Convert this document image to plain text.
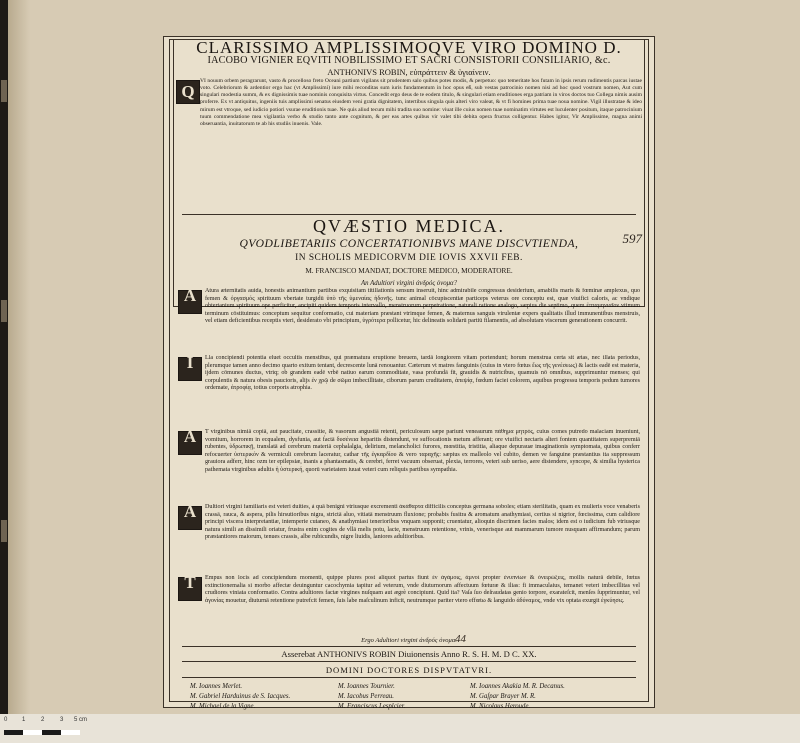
CLARISSIMO AMPLISSIMOQVE VIRO DOMINO D.
IACOBO VIGNIER EQVITI NOBILISSIMO ET SACRI CONSISTORII CONSILIARIO, &c.
ANTHONIVS ROBIN, εὐπράττειν & ὑγιαίνειν.
Q
VI nouum orbem peragrarunt, vasto & procelloso freto Oceani partium vigilans sit prudentem salo quibus potes modis, & perpetuo: quo temeritate hos futam in ipsis rerum rudimentis parcas iustae voto. Celebriorum & ardentior ergo hac (vt Amplissimi) iure mihi reconditas sum iuris fundamentum in hoc opus eß, sub vestas patrocinio nomen nisi ad hoc quod vostrum nomen, Aut cum singulari modestia summ, & ex dignissimis tuae nominis conquisita virtus. Concedit ergo deus de te eodem titulo, & singulari etiam eruditiones erga patriam in viros doctos tuo Collega nimis ausim proferre. Ex vt antiquitus, ingeniis tuis amplissimi senatus eiusdem veni gratia dignitatem, intertibus singula quis alteri viro valeat, & vt fi homines prima tuae noua nomine. Vigil illustratae & ideo mirum est vtroque, sed iudicio potiori vsurae eruditionis tuae. Ne quis aliud tecum mihi tradita suo nomine: viuat ille cuius nomen tuae nominatim virtutes est luculenter positum, itaque patrocinium tuum commendatione mea vigilantia verbo & studio tanto ante cognitum, & per eas artes quibus vir valet tibi debita opera fructus colligentur. Habes igitur, Vir Amplissime, magna animi obseruantia, inuitatorum te ab his studiis inuenis. Vale.
QVÆSTIO MEDICA.
597
QVODLIBETARIIS CONCERTATIONIBVS MANE DISCVTIENDA,
IN SCHOLIS MEDICORVM DIE IOVIS XXVII FEB.
M. FRANCISCO MANDAT, DOCTORE MEDICO, MODERATORE.
An Adultiori virgini ἀνδρός ὀνομα?
A	Atura æternitatis auida, honestis animantium partibus exquisitam titillationis sensum inseruit, hinc admirabile congressus desiderium, amabilis maris & fœminæ amplexus, quo femen & ὀργασμός spirituum vbertate turgidū ὑπὸ τῆς ὑμεναίας ἡδονῆς. tunc animal cōcupiscentiæ particeps veterus ore conceptu est, quæ viuifici caloris, ac vndique obtertanium spirituum ope perficitur, ancipiti quidem temporis intervallo, menstruorum perpetratione, naturali ratione analogo, sæpius die septimo, quem ἐπταμηνιαῖον vtimum terminum cōstituimus: conceptum sequitur conformatio, cui materiam præstant vtrimque femen, & maternus sanguis virulentæ expers qualitatis illud immunentibus menstruis, vel etiam deficientibus receptis vteri, desiderato vbi principium, ὑγρότερα pollicetur, hic delineatis solidarū partiū filamentis, ad absolutam viscerum generationem concurrit.
I	Lla concipiendi potentia eluet occultis menstibus, qui præmatura eruptione breuem, tardā longiorem vitam portendunt; horum menstrua certa sit ætas, nec illata periodus, plerumque tamen anno decimo quarto exitum tentant, decrescente lunā renouantur. Cæterum vt matres fanguinis (cuius in vtero fœtus ἔως τῆς γενέσεως) & lactis eadē est materia, ijdem cōmunes ductus, vtriq; ob grandem eadē vrbē natiuo earum commoditate, vasa profundā fit, grauidis & nutricibus, quamuis nō omnibus, supprimuntur menses; qui corpulentis & natura obesis paucioris, alijs ἐν χρῷ de σῶμα imbecillitate, ciborum parum cruditatem, ἀπεψίᾳ, fœdum faciei colorem, aquibus progressu temporis pedum tumores ordemate, ἀτροφίᾳ, totius corporis atrophia.
A	T virginibus nimiā copiā, aut paucitate, crassitie, & vasorum angustiā retenti, periculosum sæpe pariunt veneaurum πάθημα μητρός, cuius comes putredo malaciam inueniunt, vomitum, horrorem in ecqualem, dysfunia, aut ḟactā δυσένεια heparitis distendunt, ve suffocationis metum afferant; ore viuifici nectaris alteri fontem quantitatem superpremiā rubentes, ὑδρωπικῇ, translatā ad cerebrum materiā cephalalgia, delirium, melancholici furores, mœstitia, tristitia, aliaque depurauæ imaginationis symptomata, quibus conferr refocuerter ὑστερικόν & vermiculi cerebrum laceratur, cathar τῆς ἐγκαρδίου & vero ταραχῆς: sæpius ex malleolo vel cubito, demen ve fanguine præstantius ita suppressum grauiora adferr, hinc ozm ter epilepsiæ, inanis a phantasmatis, & cerebri, ferret vacuum obseruat, plexia, terrores, veteri sub ueriso, aere distendere, syncope, & similia hysterica pathemata virginibus adultis ἡ ὑστερική, quorū varietatem iuuat veteri cum reliquis partibus sympathia.
A	Dultiori virgini familiaris est veteri duities, à quā benigni vtriusque excrementi ἀκάθαρτα difficilis conceptus germana soboles; etiam sterilitatis, quam ex mulieris voce venaberis crassā, rauca, & aspera, pilis hirsutioribus nigra, strictā aluo, vitiatā menstruum fluxione; probabis fusitra & aromatum anathymiasi, certius si nigrior, fœcissima, cum calidiore principi viscera interpretantiæ, intemperie cutaneo, & anathymiasi tenerioribus vnquam supponit; cruentatur, alioquin discrimen facies malos; idem est o iudicium fub vtriusque natura simili an dissimili oriatur, frustra enim cogites de vllā melis potu, lacte, menstruum retentione, vrinis, venerisque aut mammarum tumore nusquam affirmandum; parum præstantiores maiorum, tenues crassis, albe rubicundis, nigre liuidis, laniores adultioribus.
T	Empus non locis ad concipiendum momenti, quippe plures post aliquot partus fiunt ἐν ἀγάμοις, ἀμνοί propter ἐνυπνίων & ὀνειρώξεις, mollis naturā debile, fœtus extinctionemalia si morbo affectæ deuinguntur cacochymia tapitur ad veterum, vnde diuturnorum affectuum fœturæ & ilias: fi immaculaius, temanet veteri imbecillitas vel crudiores viniata conformatio. Contra adultiores factæ virgines nuſquam aut ægrè concipiunt. Quid ita? Vaſa ſuo deſraudatas genio torpore, exarateſcit, menſes ſupprimuntur, vel ἀγονίας mouetur, diuturnā retentione putrefcit femen, ſuis labe maſculinum inficit, neutrumque pariter vtero effœtω & languido ἀδύναμος, vnde vix optata exurgit ἐγκύησις.
Ergo Adultiori virgini ἀνδρός ὀνομα.
44
Asserebat ANTHONIVS ROBIN Diuionensis Anno R. S. H. M. D C. XX.
DOMINI DOCTORES DISPVTATVRI.
M. Ioannes Merlet.
M. Gabriel Harduinus de S. Iacques.
M. Michael de la Vigne.
M. Ioannes Tournier.
M. Iacobus Perreau.
M. Franciscus Lesplcier.
M. Ioannes Akakia M. R. Decanus.
M. Gaſpar Brayer M. R.
M. Nicolaus Heroude.
0 1	2	3 5 cm
